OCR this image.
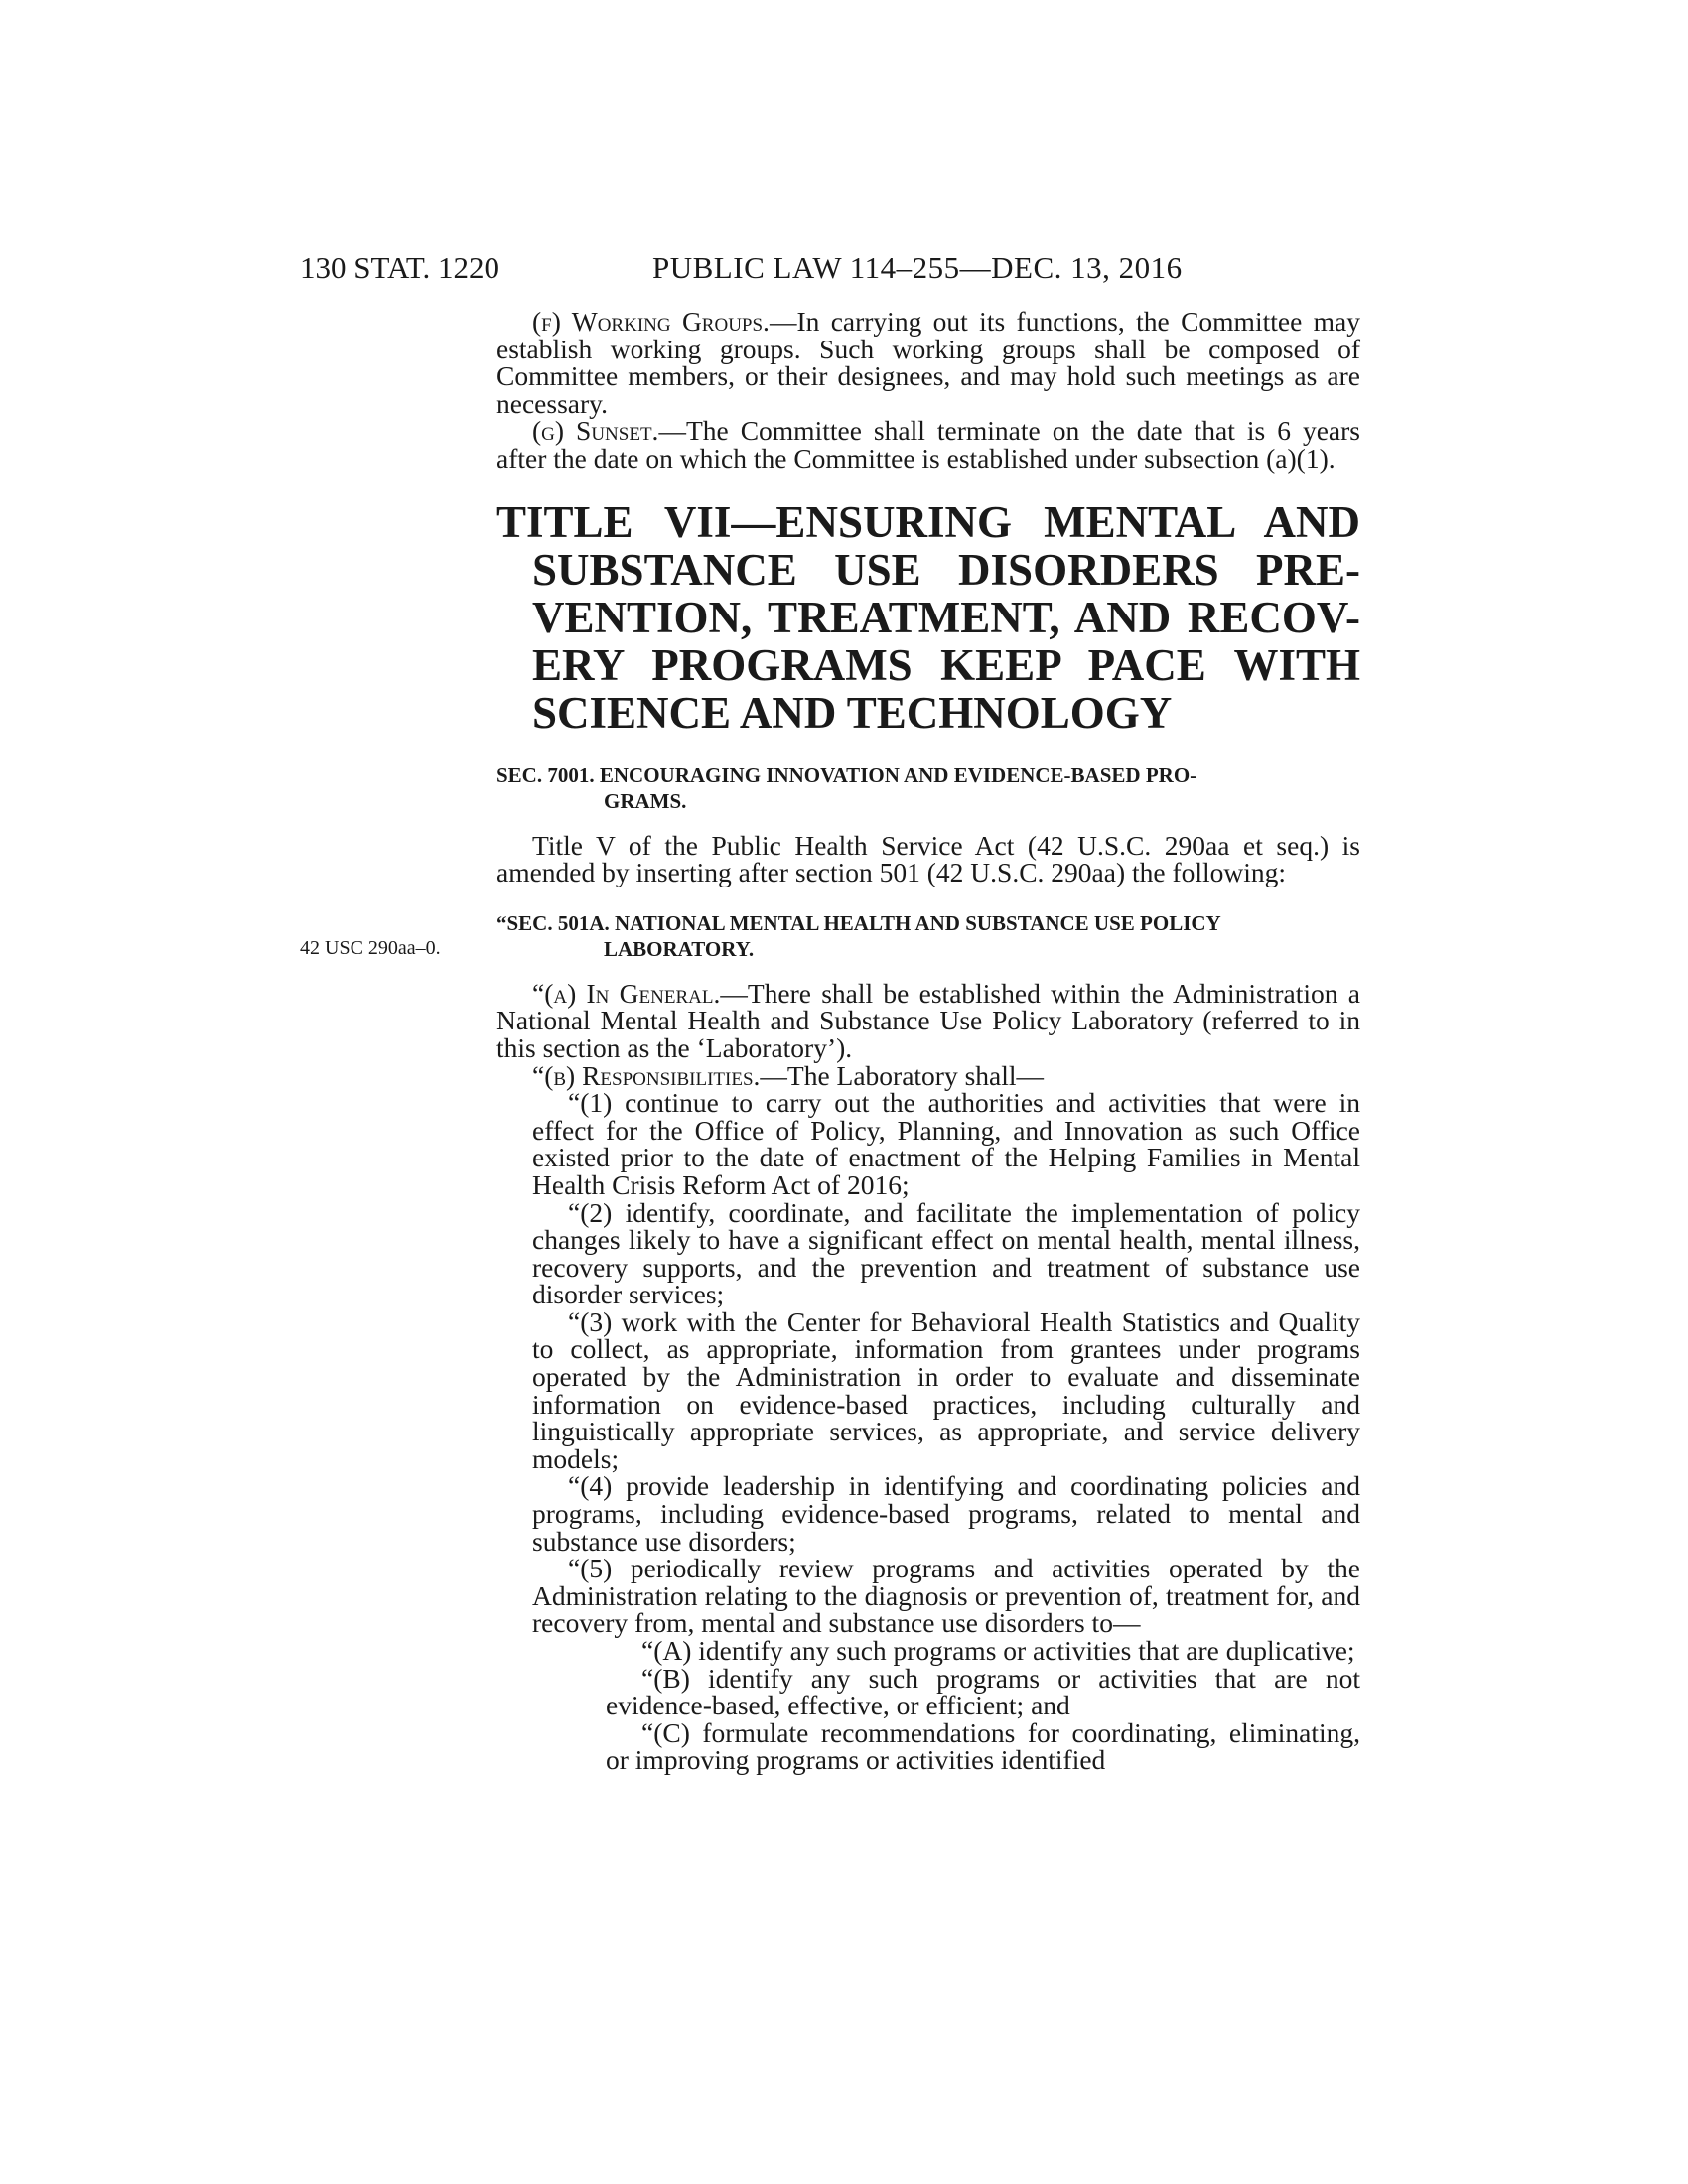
130 STAT. 1220	PUBLIC LAW 114–255—DEC. 13, 2016
42 USC 290aa–0.

(f) Working Groups.—In carrying out its functions, the Committee may establish working groups. Such working groups shall be composed of Committee members, or their designees, and may hold such meetings as are necessary.

(g) Sunset.—The Committee shall terminate on the date that is 6 years after the date on which the Committee is established under subsection (a)(1).

TITLE VII—ENSURING MENTAL AND
SUBSTANCE USE DISORDERS PRE-
VENTION, TREATMENT, AND RECOV-
ERY PROGRAMS KEEP PACE WITH
SCIENCE AND TECHNOLOGY
SEC. 7001. ENCOURAGING INNOVATION AND EVIDENCE-BASED PRO-
GRAMS.

Title V of the Public Health Service Act (42 U.S.C. 290aa et seq.) is amended by inserting after section 501 (42 U.S.C. 290aa) the following:

“SEC. 501A. NATIONAL MENTAL HEALTH AND SUBSTANCE USE POLICY
LABORATORY.

“(a) In General.—There shall be established within the Administration a National Mental Health and Substance Use Policy Laboratory (referred to in this section as the ‘Laboratory’).

“(b) Responsibilities.—The Laboratory shall—

“(1) continue to carry out the authorities and activities that were in effect for the Office of Policy, Planning, and Innovation as such Office existed prior to the date of enactment of the Helping Families in Mental Health Crisis Reform Act of 2016;

“(2) identify, coordinate, and facilitate the implementation of policy changes likely to have a significant effect on mental health, mental illness, recovery supports, and the prevention and treatment of substance use disorder services;

“(3) work with the Center for Behavioral Health Statistics and Quality to collect, as appropriate, information from grantees under programs operated by the Administration in order to evaluate and disseminate information on evidence-based practices, including culturally and linguistically appropriate services, as appropriate, and service delivery models;

“(4) provide leadership in identifying and coordinating policies and programs, including evidence-based programs, related to mental and substance use disorders;

“(5) periodically review programs and activities operated by the Administration relating to the diagnosis or prevention of, treatment for, and recovery from, mental and substance use disorders to—

“(A) identify any such programs or activities that are duplicative;

“(B) identify any such programs or activities that are not evidence-based, effective, or efficient; and

“(C) formulate recommendations for coordinating, eliminating, or improving programs or activities identified
